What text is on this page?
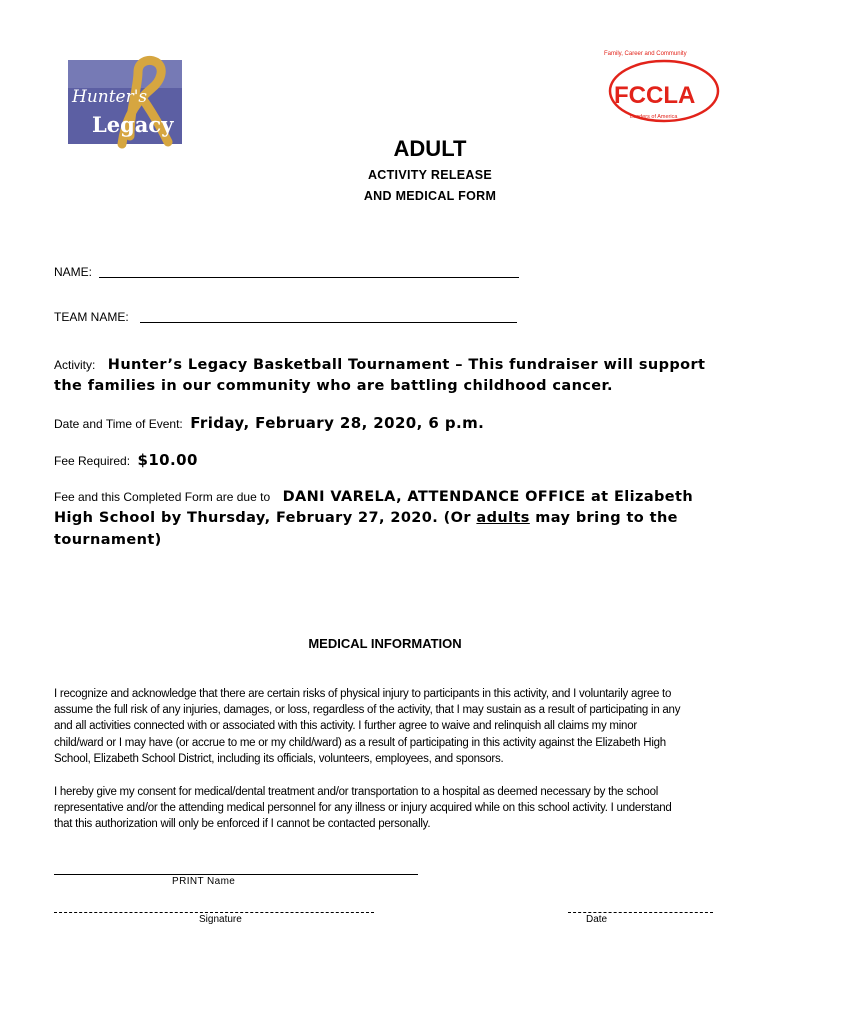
Hunter's
Legacy
Family, Career and Community
FCCLA
Leaders of America
ADULT
ACTIVITY RELEASE
AND MEDICAL FORM
NAME:
TEAM NAME:
Activity: Hunter’s Legacy Basketball Tournament – This fundraiser will support
the families in our community who are battling childhood cancer.
Date and Time of Event: Friday, February 28, 2020, 6 p.m.
Fee Required: $10.00
Fee and this Completed Form are due to DANI VARELA, ATTENDANCE OFFICE at Elizabeth
High School by Thursday, February 27, 2020. (Or adults may bring to the
tournament)
MEDICAL INFORMATION
I recognize and acknowledge that there are certain risks of physical injury to participants in this activity, and I voluntarily agree to
assume the full risk of any injuries, damages, or loss, regardless of the activity, that I may sustain as a result of participating in any
and all activities connected with or associated with this activity. I further agree to waive and relinquish all claims my minor
child/ward or I may have (or accrue to me or my child/ward) as a result of participating in this activity against the Elizabeth High
School, Elizabeth School District, including its officials, volunteers, employees, and sponsors.
I hereby give my consent for medical/dental treatment and/or transportation to a hospital as deemed necessary by the school
representative and/or the attending medical personnel for any illness or injury acquired while on this school activity. I understand
that this authorization will only be enforced if I cannot be contacted personally.
PRINT Name
Signature	Date
